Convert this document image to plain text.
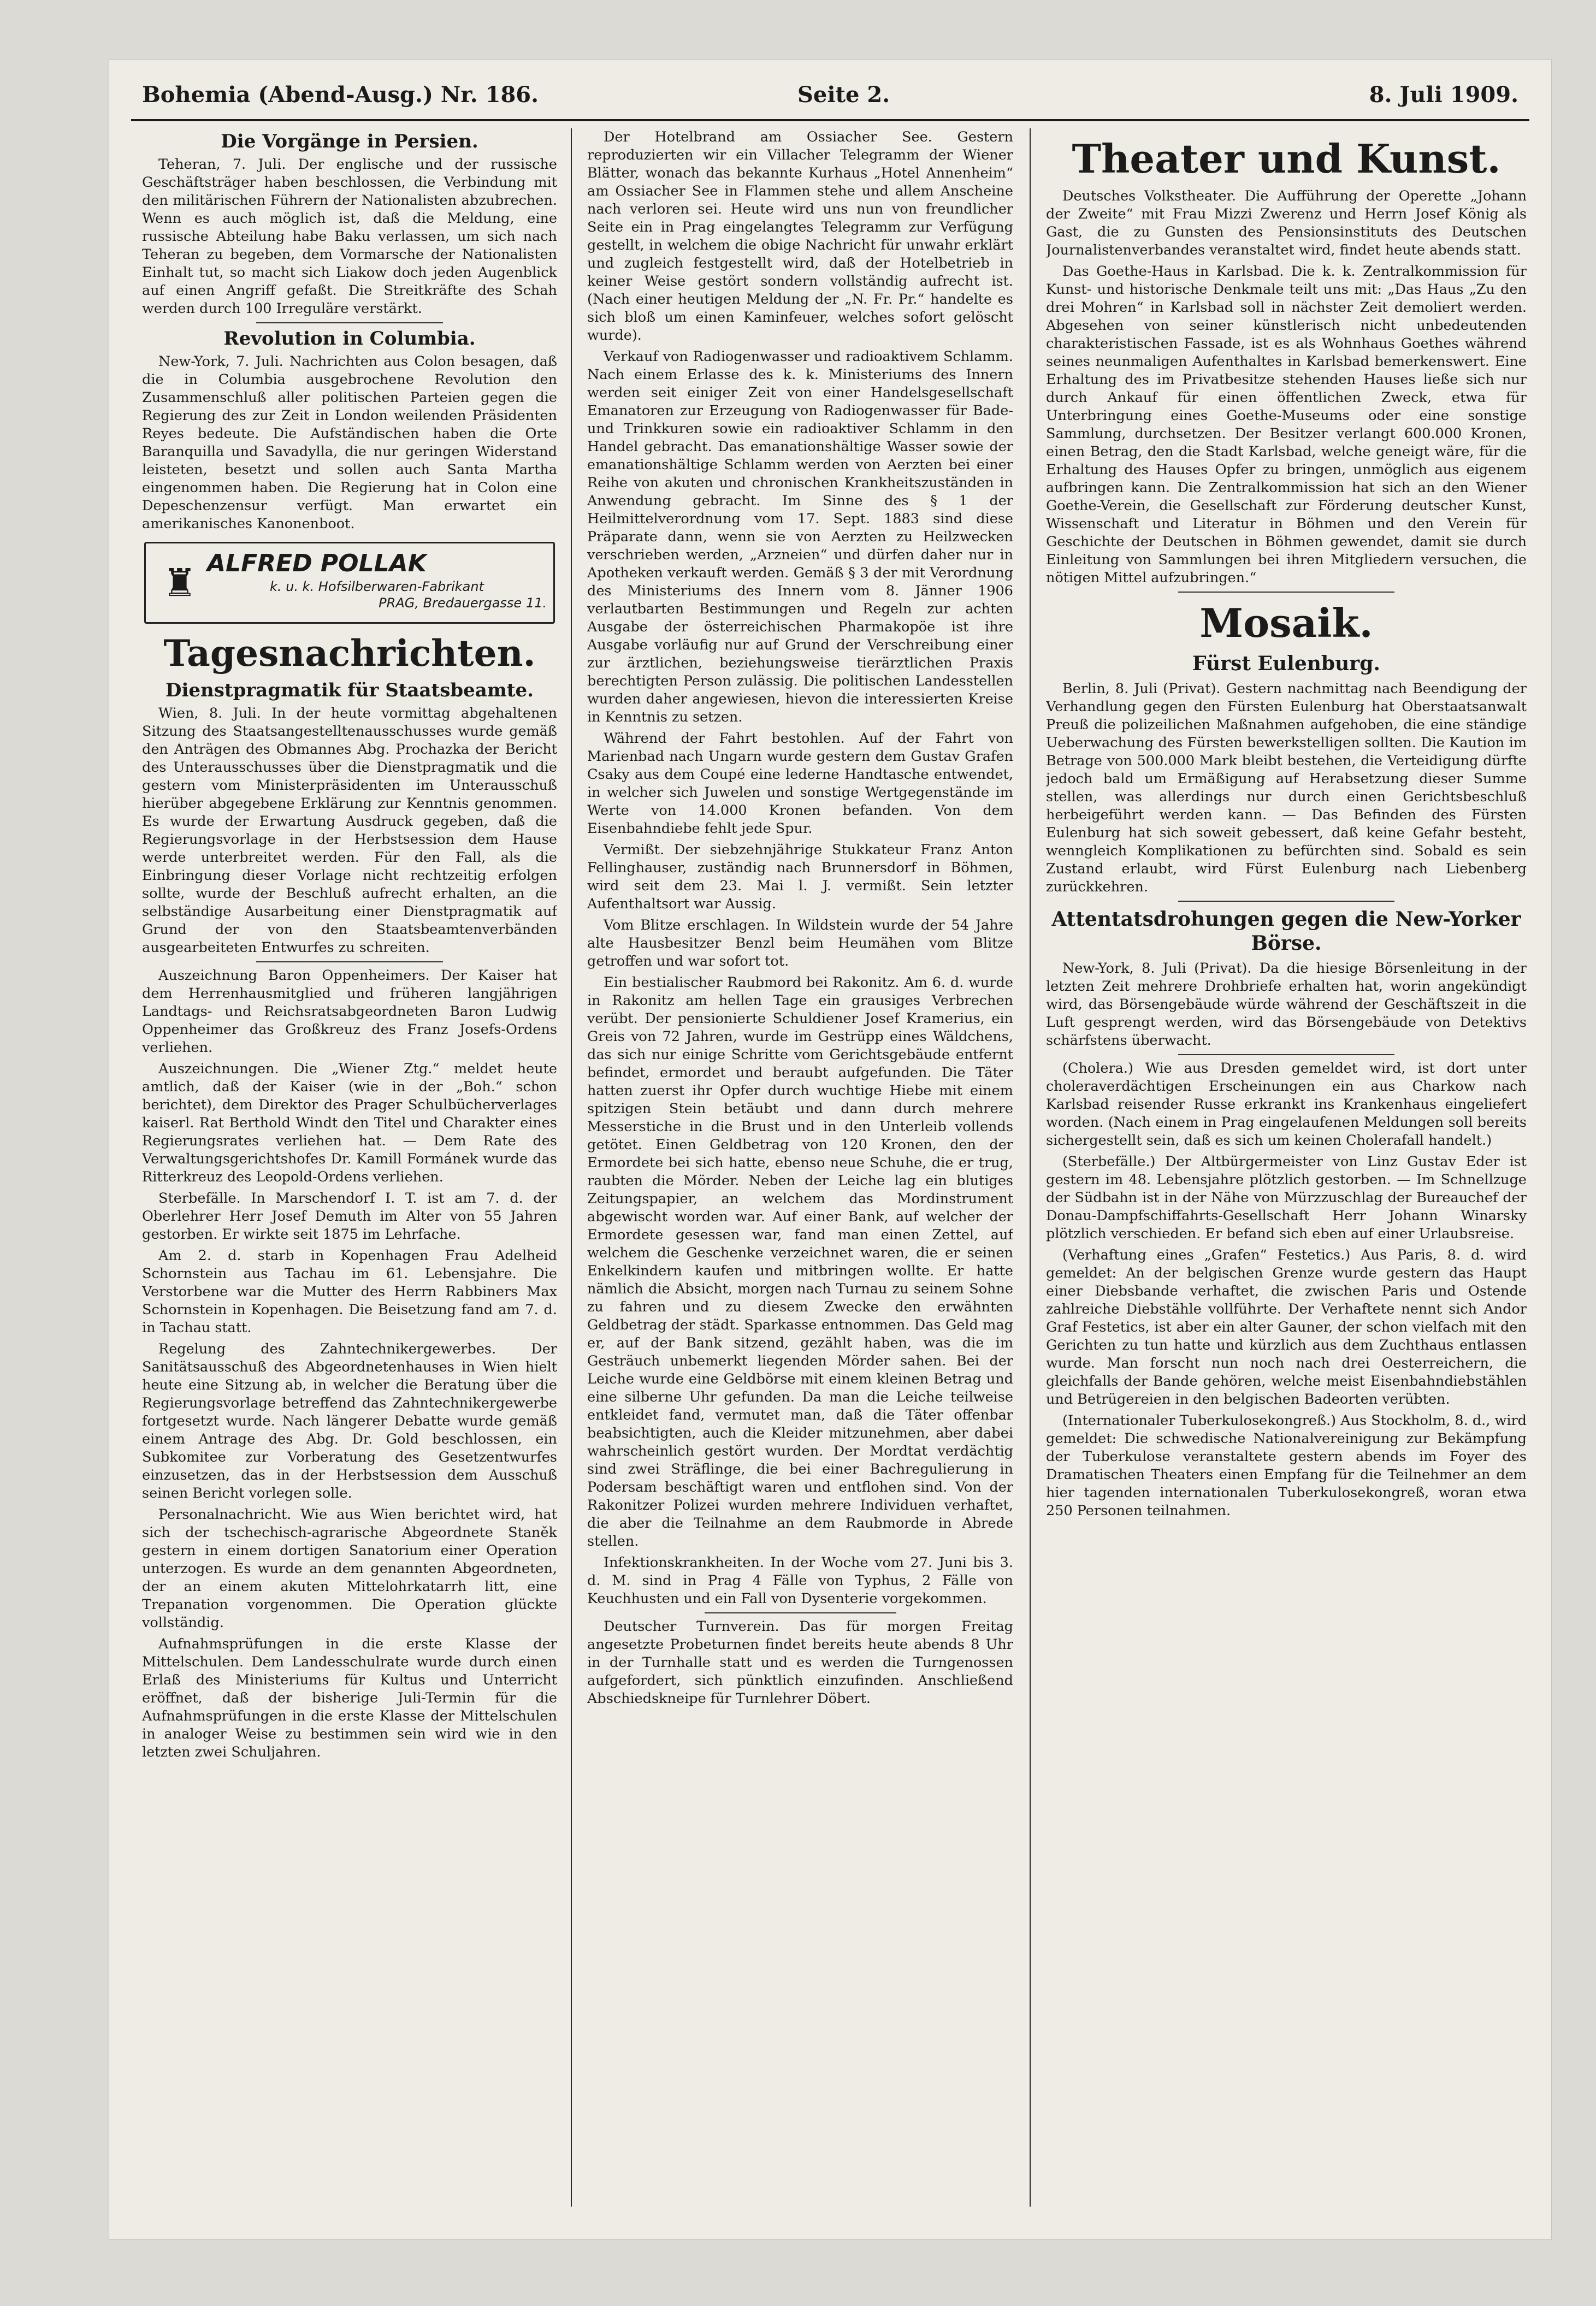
Bohemia (Abend-Ausg.) Nr. 186.	Seite 2.	8. Juli 1909.
Die Vorgänge in Persien.

Teheran, 7. Juli. Der englische und der russische Geschäftsträger haben beschlossen, die Verbindung mit den militärischen Führern der Nationalisten abzubrechen. Wenn es auch möglich ist, daß die Meldung, eine russische Abteilung habe Baku verlassen, um sich nach Teheran zu begeben, dem Vormarsche der Nationalisten Einhalt tut, so macht sich Liakow doch jeden Augenblick auf einen Angriff gefaßt. Die Streitkräfte des Schah werden durch 100 Irreguläre verstärkt.

Revolution in Columbia.

New-York, 7. Juli. Nachrichten aus Colon besagen, daß die in Columbia ausgebrochene Revolution den Zusammenschluß aller politischen Parteien gegen die Regierung des zur Zeit in London weilenden Präsidenten Reyes bedeute. Die Aufständischen haben die Orte Baranquilla und Savadylla, die nur geringen Widerstand leisteten, besetzt und sollen auch Santa Martha eingenommen haben. Die Regierung hat in Colon eine Depeschenzensur verfügt. Man erwartet ein amerikanisches Kanonenboot.

♜ ALFRED POLLAK
k. u. k. Hofsilberwaren-Fabrikant
PRAG, Bredauergasse 11.
Tagesnachrichten.
Dienstpragmatik für Staatsbeamte.

Wien, 8. Juli. In der heute vormittag abgehaltenen Sitzung des Staatsangestelltenausschusses wurde gemäß den Anträgen des Obmannes Abg. Prochazka der Bericht des Unterausschusses über die Dienstpragmatik und die gestern vom Ministerpräsidenten im Unterausschuß hierüber abgegebene Erklärung zur Kenntnis genommen. Es wurde der Erwartung Ausdruck gegeben, daß die Regierungsvorlage in der Herbstsession dem Hause werde unterbreitet werden. Für den Fall, als die Einbringung dieser Vorlage nicht rechtzeitig erfolgen sollte, wurde der Beschluß aufrecht erhalten, an die selbständige Ausarbeitung einer Dienstpragmatik auf Grund der von den Staatsbeamtenverbänden ausgearbeiteten Entwurfes zu schreiten.

Auszeichnung Baron Oppenheimers. Der Kaiser hat dem Herrenhausmitglied und früheren langjährigen Landtags- und Reichsratsabgeordneten Baron Ludwig Oppenheimer das Großkreuz des Franz Josefs-Ordens verliehen.

Auszeichnungen. Die „Wiener Ztg.“ meldet heute amtlich, daß der Kaiser (wie in der „Boh.“ schon berichtet), dem Direktor des Prager Schulbücherverlages kaiserl. Rat Berthold Windt den Titel und Charakter eines Regierungsrates verliehen hat. — Dem Rate des Verwaltungsgerichtshofes Dr. Kamill Formánek wurde das Ritterkreuz des Leopold-Ordens verliehen.

Sterbefälle. In Marschendorf I. T. ist am 7. d. der Oberlehrer Herr Josef Demuth im Alter von 55 Jahren gestorben. Er wirkte seit 1875 im Lehrfache.

Am 2. d. starb in Kopenhagen Frau Adelheid Schornstein aus Tachau im 61. Lebensjahre. Die Verstorbene war die Mutter des Herrn Rabbiners Max Schornstein in Kopenhagen. Die Beisetzung fand am 7. d. in Tachau statt.

Regelung des Zahntechnikergewerbes. Der Sanitätsausschuß des Abgeordnetenhauses in Wien hielt heute eine Sitzung ab, in welcher die Beratung über die Regierungsvorlage betreffend das Zahntechnikergewerbe fortgesetzt wurde. Nach längerer Debatte wurde gemäß einem Antrage des Abg. Dr. Gold beschlossen, ein Subkomitee zur Vorberatung des Gesetzentwurfes einzusetzen, das in der Herbstsession dem Ausschuß seinen Bericht vorlegen solle.

Personalnachricht. Wie aus Wien berichtet wird, hat sich der tschechisch-agrarische Abgeordnete Staněk gestern in einem dortigen Sanatorium einer Operation unterzogen. Es wurde an dem genannten Abgeordneten, der an einem akuten Mittelohrkatarrh litt, eine Trepanation vorgenommen. Die Operation glückte vollständig.

Aufnahmsprüfungen in die erste Klasse der Mittelschulen. Dem Landesschulrate wurde durch einen Erlaß des Ministeriums für Kultus und Unterricht eröffnet, daß der bisherige Juli-Termin für die Aufnahmsprüfungen in die erste Klasse der Mittelschulen in analoger Weise zu bestimmen sein wird wie in den letzten zwei Schuljahren.

Der Hotelbrand am Ossiacher See. Gestern reproduzierten wir ein Villacher Telegramm der Wiener Blätter, wonach das bekannte Kurhaus „Hotel Annenheim“ am Ossiacher See in Flammen stehe und allem Anscheine nach verloren sei. Heute wird uns nun von freundlicher Seite ein in Prag eingelangtes Telegramm zur Verfügung gestellt, in welchem die obige Nachricht für unwahr erklärt und zugleich festgestellt wird, daß der Hotelbetrieb in keiner Weise gestört sondern vollständig aufrecht ist. (Nach einer heutigen Meldung der „N. Fr. Pr.“ handelte es sich bloß um einen Kaminfeuer, welches sofort gelöscht wurde).

Verkauf von Radiogenwasser und radioaktivem Schlamm. Nach einem Erlasse des k. k. Ministeriums des Innern werden seit einiger Zeit von einer Handelsgesellschaft Emanatoren zur Erzeugung von Radiogenwasser für Bade- und Trinkkuren sowie ein radioaktiver Schlamm in den Handel gebracht. Das emanationshältige Wasser sowie der emanationshältige Schlamm werden von Aerzten bei einer Reihe von akuten und chronischen Krankheitszuständen in Anwendung gebracht. Im Sinne des § 1 der Heilmittelverordnung vom 17. Sept. 1883 sind diese Präparate dann, wenn sie von Aerzten zu Heilzwecken verschrieben werden, „Arzneien“ und dürfen daher nur in Apotheken verkauft werden. Gemäß § 3 der mit Verordnung des Ministeriums des Innern vom 8. Jänner 1906 verlautbarten Bestimmungen und Regeln zur achten Ausgabe der österreichischen Pharmakopöe ist ihre Ausgabe vorläufig nur auf Grund der Verschreibung einer zur ärztlichen, beziehungsweise tierärztlichen Praxis berechtigten Person zulässig. Die politischen Landesstellen wurden daher angewiesen, hievon die interessierten Kreise in Kenntnis zu setzen.

Während der Fahrt bestohlen. Auf der Fahrt von Marienbad nach Ungarn wurde gestern dem Gustav Grafen Csaky aus dem Coupé eine lederne Handtasche entwendet, in welcher sich Juwelen und sonstige Wertgegenstände im Werte von 14.000 Kronen befanden. Von dem Eisenbahndiebe fehlt jede Spur.

Vermißt. Der siebzehnjährige Stukkateur Franz Anton Fellinghauser, zuständig nach Brunnersdorf in Böhmen, wird seit dem 23. Mai l. J. vermißt. Sein letzter Aufenthaltsort war Aussig.

Vom Blitze erschlagen. In Wildstein wurde der 54 Jahre alte Hausbesitzer Benzl beim Heumähen vom Blitze getroffen und war sofort tot.

Ein bestialischer Raubmord bei Rakonitz. Am 6. d. wurde in Rakonitz am hellen Tage ein grausiges Verbrechen verübt. Der pensionierte Schuldiener Josef Kramerius, ein Greis von 72 Jahren, wurde im Gestrüpp eines Wäldchens, das sich nur einige Schritte vom Gerichtsgebäude entfernt befindet, ermordet und beraubt aufgefunden. Die Täter hatten zuerst ihr Opfer durch wuchtige Hiebe mit einem spitzigen Stein betäubt und dann durch mehrere Messerstiche in die Brust und in den Unterleib vollends getötet. Einen Geldbetrag von 120 Kronen, den der Ermordete bei sich hatte, ebenso neue Schuhe, die er trug, raubten die Mörder. Neben der Leiche lag ein blutiges Zeitungspapier, an welchem das Mordinstrument abgewischt worden war. Auf einer Bank, auf welcher der Ermordete gesessen war, fand man einen Zettel, auf welchem die Geschenke verzeichnet waren, die er seinen Enkelkindern kaufen und mitbringen wollte. Er hatte nämlich die Absicht, morgen nach Turnau zu seinem Sohne zu fahren und zu diesem Zwecke den erwähnten Geldbetrag der städt. Sparkasse entnommen. Das Geld mag er, auf der Bank sitzend, gezählt haben, was die im Gesträuch unbemerkt liegenden Mörder sahen. Bei der Leiche wurde eine Geldbörse mit einem kleinen Betrag und eine silberne Uhr gefunden. Da man die Leiche teilweise entkleidet fand, vermutet man, daß die Täter offenbar beabsichtigten, auch die Kleider mitzunehmen, aber dabei wahrscheinlich gestört wurden. Der Mordtat verdächtig sind zwei Sträflinge, die bei einer Bachregulierung in Podersam beschäftigt waren und entflohen sind. Von der Rakonitzer Polizei wurden mehrere Individuen verhaftet, die aber die Teilnahme an dem Raubmorde in Abrede stellen.

Infektionskrankheiten. In der Woche vom 27. Juni bis 3. d. M. sind in Prag 4 Fälle von Typhus, 2 Fälle von Keuchhusten und ein Fall von Dysenterie vorgekommen.

Deutscher Turnverein. Das für morgen Freitag angesetzte Probeturnen findet bereits heute abends 8 Uhr in der Turnhalle statt und es werden die Turngenossen aufgefordert, sich pünktlich einzufinden. Anschließend Abschiedskneipe für Turnlehrer Döbert.

Theater und Kunst.

Deutsches Volkstheater. Die Aufführung der Operette „Johann der Zweite“ mit Frau Mizzi Zwerenz und Herrn Josef König als Gast, die zu Gunsten des Pensionsinstituts des Deutschen Journalistenverbandes veranstaltet wird, findet heute abends statt.

Das Goethe-Haus in Karlsbad. Die k. k. Zentralkommission für Kunst- und historische Denkmale teilt uns mit: „Das Haus „Zu den drei Mohren“ in Karlsbad soll in nächster Zeit demoliert werden. Abgesehen von seiner künstlerisch nicht unbedeutenden charakteristischen Fassade, ist es als Wohnhaus Goethes während seines neunmaligen Aufenthaltes in Karlsbad bemerkenswert. Eine Erhaltung des im Privatbesitze stehenden Hauses ließe sich nur durch Ankauf für einen öffentlichen Zweck, etwa für Unterbringung eines Goethe-Museums oder eine sonstige Sammlung, durchsetzen. Der Besitzer verlangt 600.000 Kronen, einen Betrag, den die Stadt Karlsbad, welche geneigt wäre, für die Erhaltung des Hauses Opfer zu bringen, unmöglich aus eigenem aufbringen kann. Die Zentralkommission hat sich an den Wiener Goethe-Verein, die Gesellschaft zur Förderung deutscher Kunst, Wissenschaft und Literatur in Böhmen und den Verein für Geschichte der Deutschen in Böhmen gewendet, damit sie durch Einleitung von Sammlungen bei ihren Mitgliedern versuchen, die nötigen Mittel aufzubringen.“

Mosaik.
Fürst Eulenburg.

Berlin, 8. Juli (Privat). Gestern nachmittag nach Beendigung der Verhandlung gegen den Fürsten Eulenburg hat Oberstaatsanwalt Preuß die polizeilichen Maßnahmen aufgehoben, die eine ständige Ueberwachung des Fürsten bewerkstelligen sollten. Die Kaution im Betrage von 500.000 Mark bleibt bestehen, die Verteidigung dürfte jedoch bald um Ermäßigung auf Herabsetzung dieser Summe stellen, was allerdings nur durch einen Gerichtsbeschluß herbeigeführt werden kann. — Das Befinden des Fürsten Eulenburg hat sich soweit gebessert, daß keine Gefahr besteht, wenngleich Komplikationen zu befürchten sind. Sobald es sein Zustand erlaubt, wird Fürst Eulenburg nach Liebenberg zurückkehren.

Attentatsdrohungen gegen die New-Yorker Börse.

New-York, 8. Juli (Privat). Da die hiesige Börsenleitung in der letzten Zeit mehrere Drohbriefe erhalten hat, worin angekündigt wird, das Börsengebäude würde während der Geschäftszeit in die Luft gesprengt werden, wird das Börsengebäude von Detektivs schärfstens überwacht.

(Cholera.) Wie aus Dresden gemeldet wird, ist dort unter choleraverdächtigen Erscheinungen ein aus Charkow nach Karlsbad reisender Russe erkrankt ins Krankenhaus eingeliefert worden. (Nach einem in Prag eingelaufenen Meldungen soll bereits sichergestellt sein, daß es sich um keinen Cholerafall handelt.)

(Sterbefälle.) Der Altbürgermeister von Linz Gustav Eder ist gestern im 48. Lebensjahre plötzlich gestorben. — Im Schnellzuge der Südbahn ist in der Nähe von Mürzzuschlag der Bureauchef der Donau-Dampfschiffahrts-Gesellschaft Herr Johann Winarsky plötzlich verschieden. Er befand sich eben auf einer Urlaubsreise.

(Verhaftung eines „Grafen“ Festetics.) Aus Paris, 8. d. wird gemeldet: An der belgischen Grenze wurde gestern das Haupt einer Diebsbande verhaftet, die zwischen Paris und Ostende zahlreiche Diebstähle vollführte. Der Verhaftete nennt sich Andor Graf Festetics, ist aber ein alter Gauner, der schon vielfach mit den Gerichten zu tun hatte und kürzlich aus dem Zuchthaus entlassen wurde. Man forscht nun noch nach drei Oesterreichern, die gleichfalls der Bande gehören, welche meist Eisenbahndiebstählen und Betrügereien in den belgischen Badeorten verübten.

(Internationaler Tuberkulosekongreß.) Aus Stockholm, 8. d., wird gemeldet: Die schwedische Nationalvereinigung zur Bekämpfung der Tuberkulose veranstaltete gestern abends im Foyer des Dramatischen Theaters einen Empfang für die Teilnehmer an dem hier tagenden internationalen Tuberkulosekongreß, woran etwa 250 Personen teilnahmen.
